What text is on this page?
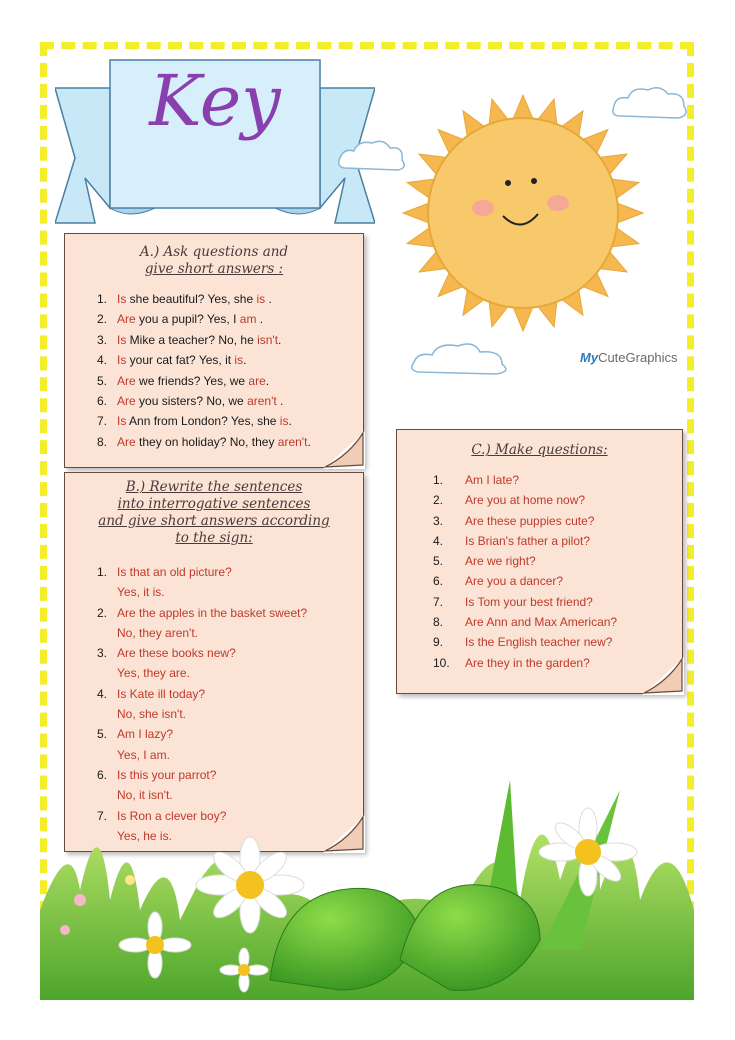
Key
MyCuteGraphics
A.) Ask questions and
give short answers :
1. Is she beautiful? Yes, she is .
2. Are you a pupil? Yes, I am .
3. Is Mike a teacher? No, he isn't.
4. Is your cat fat? Yes, it is.
5. Are we friends? Yes, we are.
6. Are you sisters? No, we aren't .
7. Is Ann from London? Yes, she is.
8. Are they on holiday? No, they aren't.
B.) Rewrite the sentences
into interrogative sentences
and give short answers according
to the sign:
1. Is that an old picture?
Yes, it is.
2. Are the apples in the basket sweet?
No, they aren't.
3. Are these books new?
Yes, they are.
4. Is Kate ill today?
No, she isn't.
5. Am I lazy?
Yes, I am.
6. Is this your parrot?
No, it isn't.
7. Is Ron a clever boy?
Yes, he is.
C.) Make questions:
1. Am I late?
2. Are you at home now?
3. Are these puppies cute?
4. Is Brian's father a pilot?
5. Are we right?
6. Are you a dancer?
7. Is Tom your best friend?
8. Are Ann and Max American?
9. Is the English teacher new?
10. Are they in the garden?
